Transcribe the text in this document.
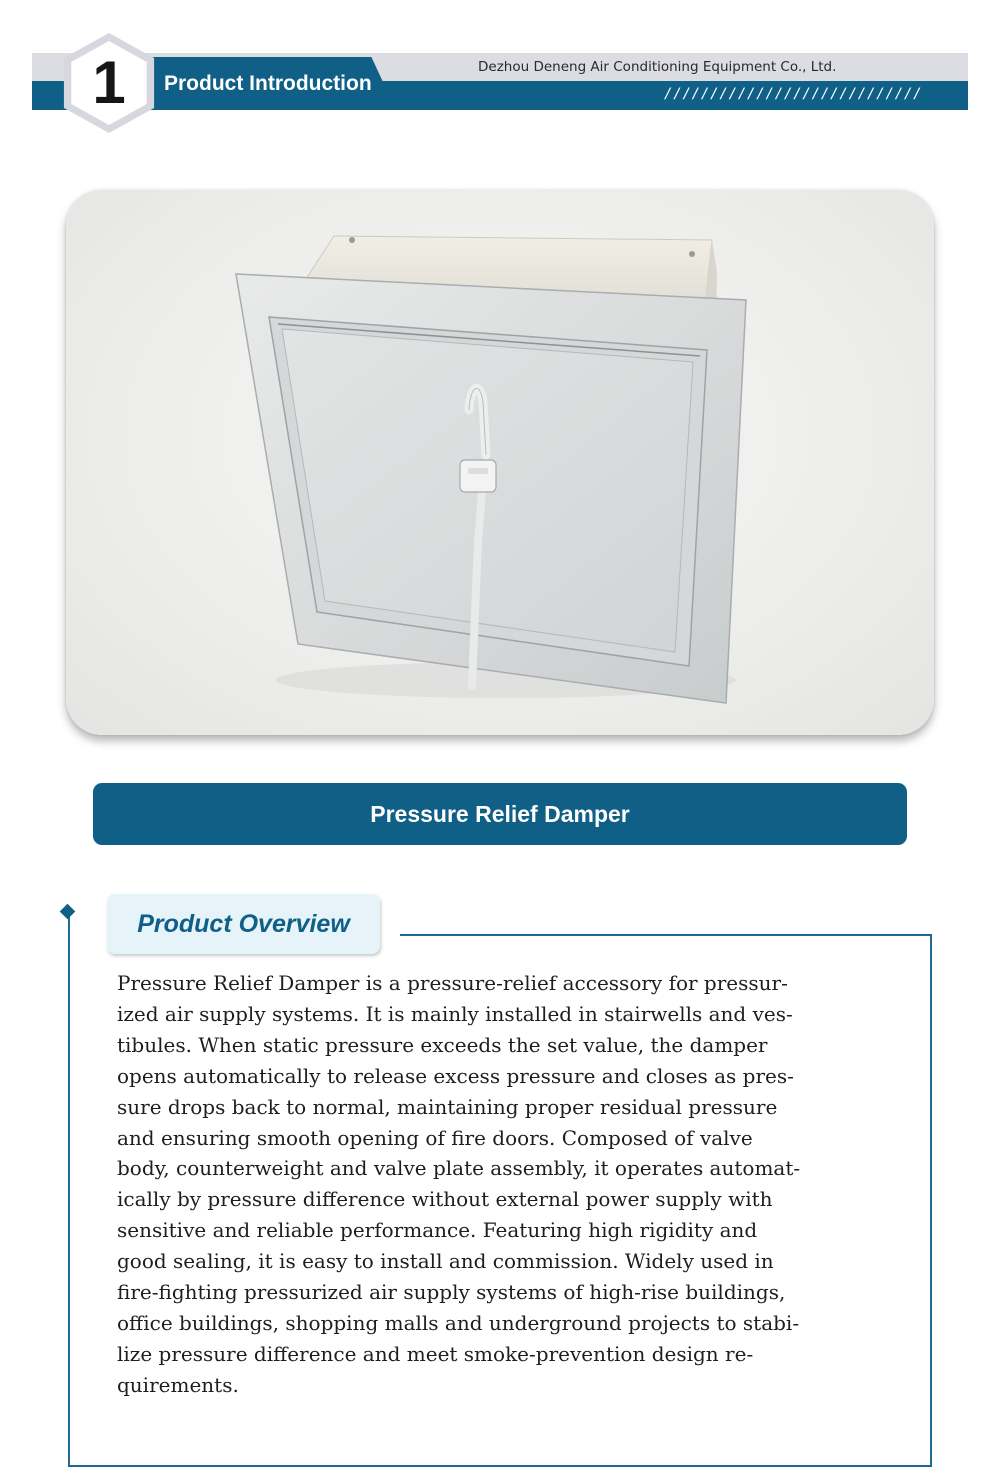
Product Introduction
Dezhou Deneng Air Conditioning Equipment Co., Ltd.
////////////////////////////
1
Pressure Relief Damper
Product Overview
Pressure Relief Damper is a pressure-relief accessory for pressur-
ized air supply systems. It is mainly installed in stairwells and ves-
tibules. When static pressure exceeds the set value, the damper
opens automatically to release excess pressure and closes as pres-
sure drops back to normal, maintaining proper residual pressure
and ensuring smooth opening of fire doors. Composed of valve
body, counterweight and valve plate assembly, it operates automat-
ically by pressure difference without external power supply with
sensitive and reliable performance. Featuring high rigidity and
good sealing, it is easy to install and commission. Widely used in
fire-fighting pressurized air supply systems of high-rise buildings,
office buildings, shopping malls and underground projects to stabi-
lize pressure difference and meet smoke-prevention design re-
quirements.
